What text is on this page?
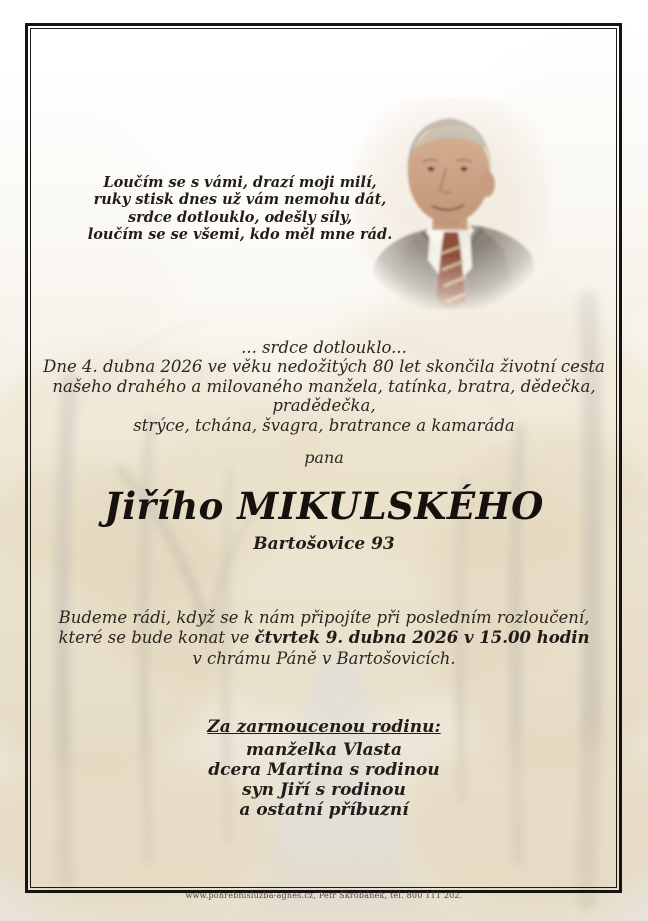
Loučím se s vámi, drazí moji milí,
ruky stisk dnes už vám nemohu dát,
srdce dotlouklo, odešly síly,
loučím se se všemi, kdo měl mne rád.
... srdce dotlouklo...
Dne 4. dubna 2026 ve věku nedožitých 80 let skončila životní cesta
našeho drahého a milovaného manžela, tatínka, bratra, dědečka, pradědečka,
strýce, tchána, švagra, bratrance a kamaráda
pana
Jiřího MIKULSKÉHO
Bartošovice 93
Budeme rádi, když se k nám připojíte při posledním rozloučení,
které se bude konat ve čtvrtek 9. dubna 2026 v 15.00 hodin
v chrámu Páně v Bartošovicích.
Za zarmoucenou rodinu:
manželka Vlasta
dcera Martina s rodinou
syn Jiří s rodinou
a ostatní příbuzní
www.pohrebnisluzba-agnes.cz, Petr Škrobánek, tel. 800 111 202.
